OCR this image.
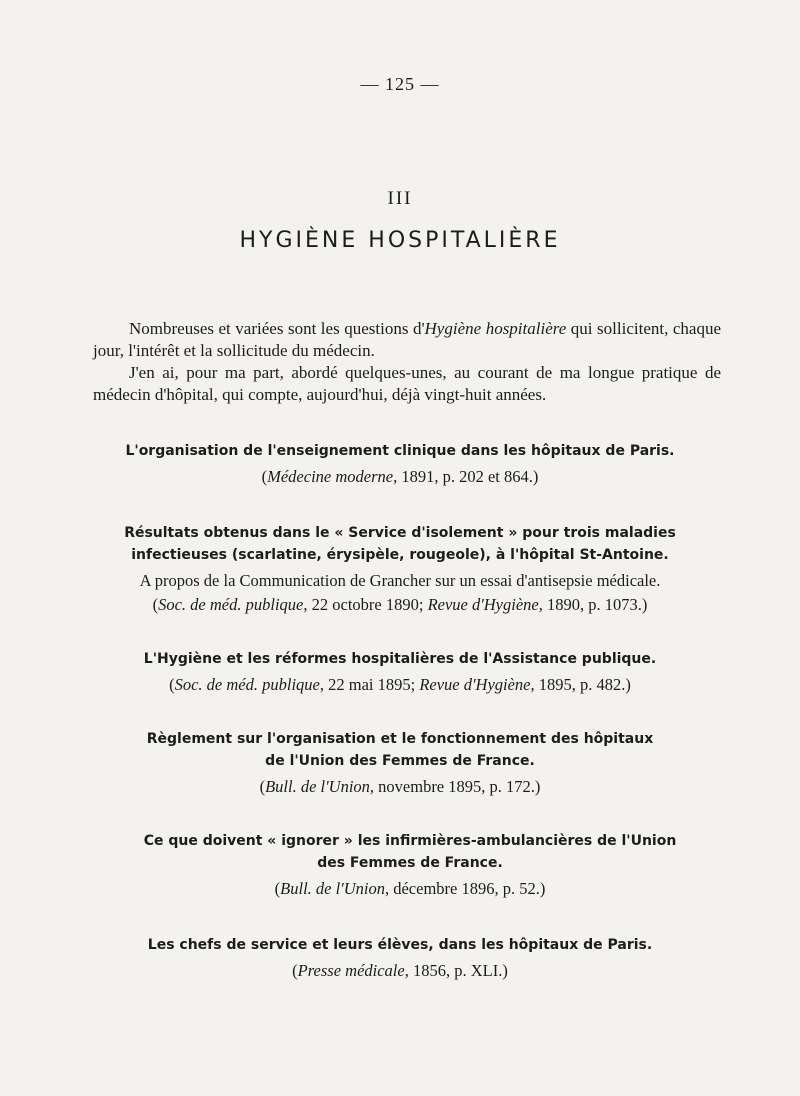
— 125 —
III
HYGIÈNE HOSPITALIÈRE

Nombreuses et variées sont les questions d'Hygiène hospitalière qui sollicitent, chaque jour, l'intérêt et la sollicitude du médecin.

J'en ai, pour ma part, abordé quelques-unes, au courant de ma longue pratique de médecin d'hôpital, qui compte, aujourd'hui, déjà vingt-huit années.

L'organisation de l'enseignement clinique dans les hôpitaux de Paris.

(Médecine moderne, 1891, p. 202 et 864.)

Résultats obtenus dans le « Service d'isolement » pour trois maladies infectieuses (scarlatine, érysipèle, rougeole), à l'hôpital St-Antoine.

A propos de la Communication de Grancher sur un essai d'antisepsie médicale.

(Soc. de méd. publique, 22 octobre 1890; Revue d'Hygiène, 1890, p. 1073.)

L'Hygiène et les réformes hospitalières de l'Assistance publique.

(Soc. de méd. publique, 22 mai 1895; Revue d'Hygiène, 1895, p. 482.)

Règlement sur l'organisation et le fonctionnement des hôpitaux de l'Union des Femmes de France.

(Bull. de l'Union, novembre 1895, p. 172.)

Ce que doivent « ignorer » les infirmières-ambulancières de l'Union des Femmes de France.

(Bull. de l'Union, décembre 1896, p. 52.)

Les chefs de service et leurs élèves, dans les hôpitaux de Paris.

(Presse médicale, 1856, p. XLI.)
